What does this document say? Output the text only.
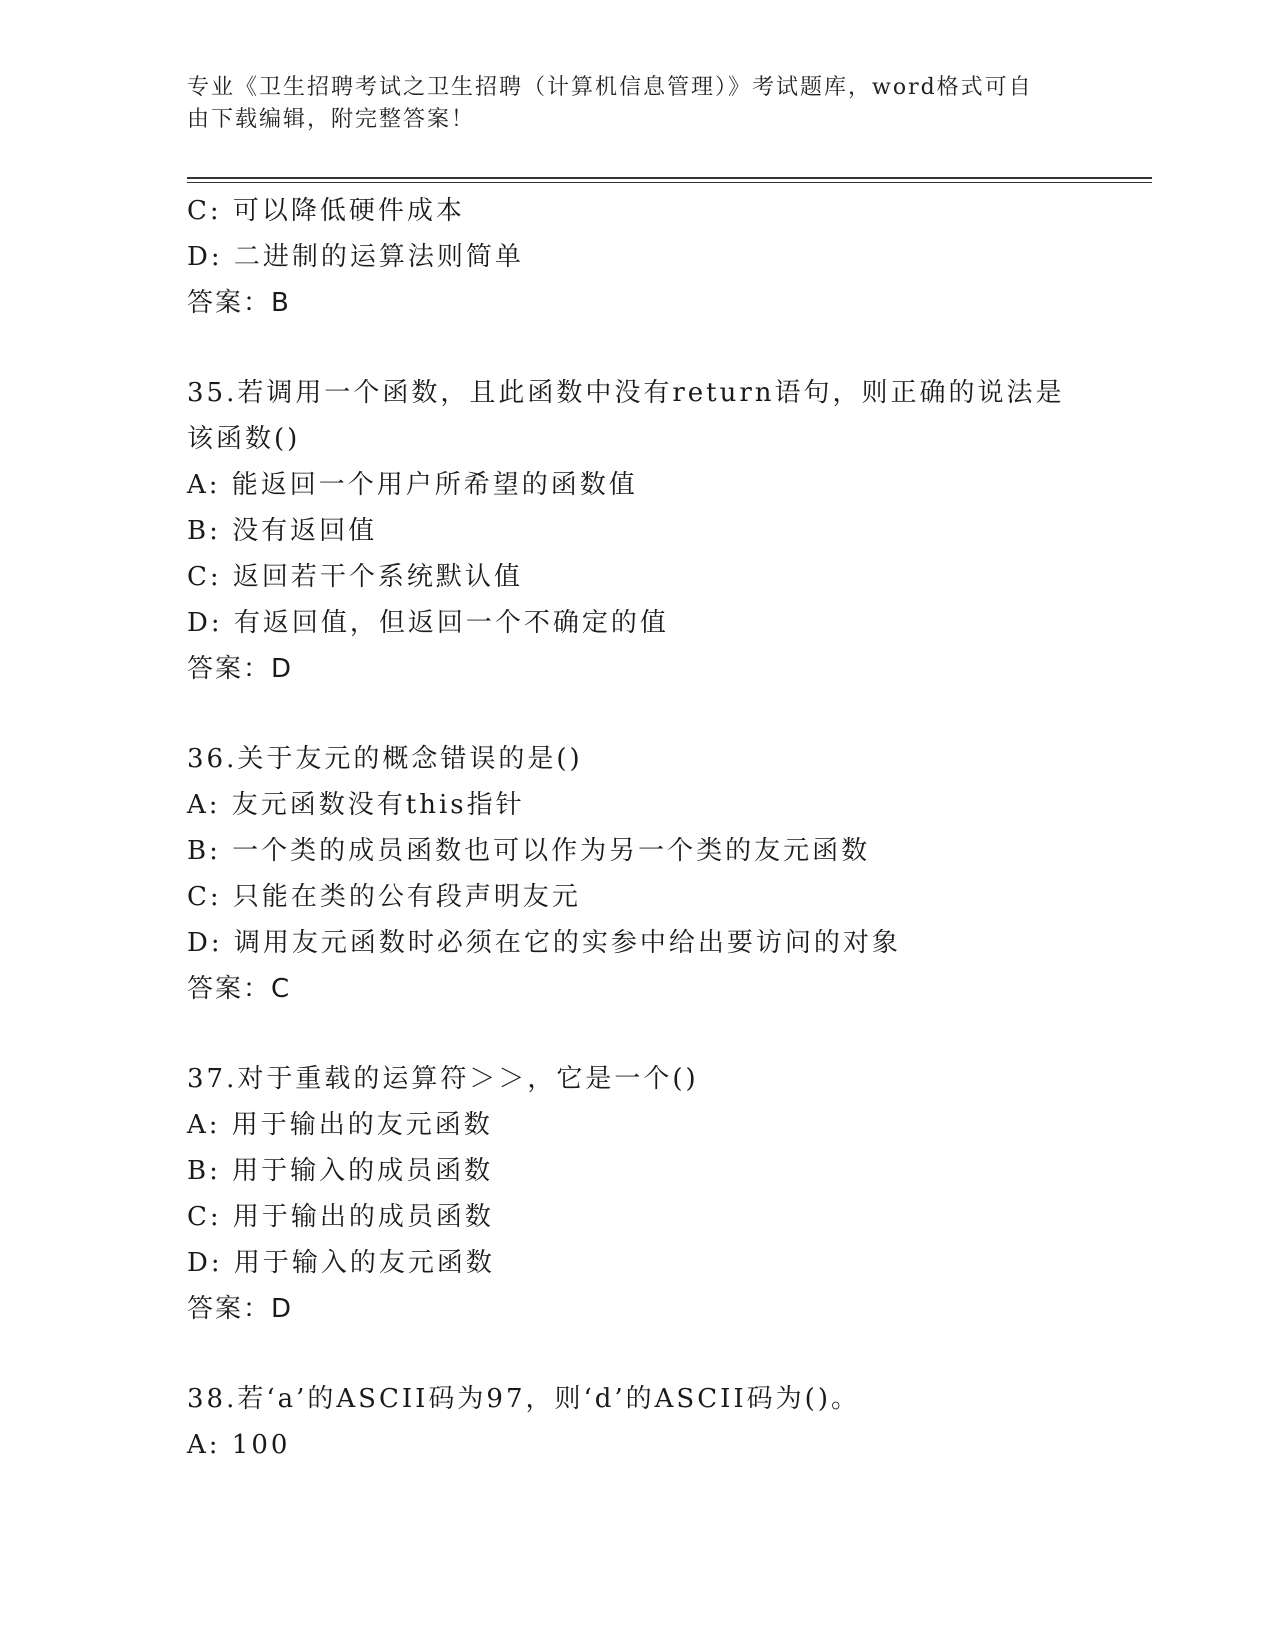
专业《卫生招聘考试之卫生招聘（计算机信息管理）》考试题库，word格式可自
由下载编辑，附完整答案！
C: 可以降低硬件成本
D: 二进制的运算法则简单
答案：B
35.若调用一个函数，且此函数中没有return语句，则正确的说法是该函数()
A: 能返回一个用户所希望的函数值
B: 没有返回值
C: 返回若干个系统默认值
D: 有返回值，但返回一个不确定的值
答案：D
36.关于友元的概念错误的是()
A: 友元函数没有this指针
B: 一个类的成员函数也可以作为另一个类的友元函数
C: 只能在类的公有段声明友元
D: 调用友元函数时必须在它的实参中给出要访问的对象
答案：C
37.对于重载的运算符＞＞，它是一个()
A: 用于输出的友元函数
B: 用于输入的成员函数
C: 用于输出的成员函数
D: 用于输入的友元函数
答案：D
38.若‘a’的ASCII码为97，则‘d’的ASCII码为()。
A: 100
